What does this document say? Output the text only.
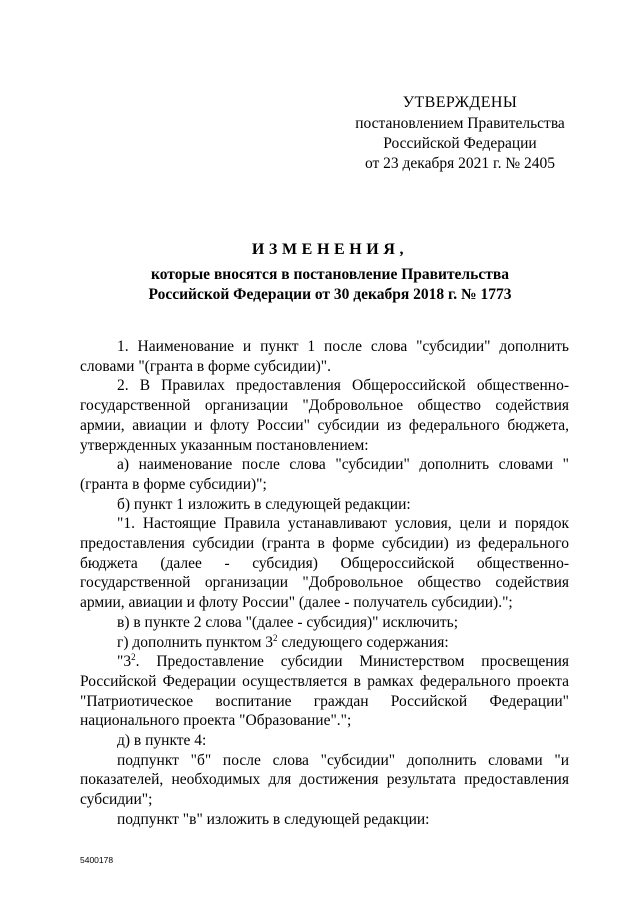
УТВЕРЖДЕНЫ
постановлением Правительства
Российской Федерации
от 23 декабря 2021 г. № 2405
ИЗМЕНЕНИЯ,
которые вносятся в постановление Правительства
Российской Федерации от 30 декабря 2018 г. № 1773

1. Наименование и пункт 1 после слова "субсидии" дополнить словами "(гранта в форме субсидии)".

2. В Правилах предоставления Общероссийской общественно-государственной организации "Добровольное общество содействия армии, авиации и флоту России" субсидии из федерального бюджета, утвержденных указанным постановлением:

а) наименование после слова "субсидии" дополнить словами "(гранта в форме субсидии)";

б) пункт 1 изложить в следующей редакции:

"1. Настоящие Правила устанавливают условия, цели и порядок предоставления субсидии (гранта в форме субсидии) из федерального бюджета (далее - субсидия) Общероссийской общественно-государственной организации "Добровольное общество содействия армии, авиации и флоту России" (далее - получатель субсидии).";

в) в пункте 2 слова "(далее - субсидия)" исключить;

г) дополнить пунктом $3^2$ следующего содержания:

"$3^2$. Предоставление субсидии Министерством просвещения Российской Федерации осуществляется в рамках федерального проекта "Патриотическое воспитание граждан Российской Федерации" национального проекта "Образование".";

д) в пункте 4:

подпункт "б" после слова "субсидии" дополнить словами "и показателей, необходимых для достижения результата предоставления субсидии";

подпункт "в" изложить в следующей редакции:

5400178
